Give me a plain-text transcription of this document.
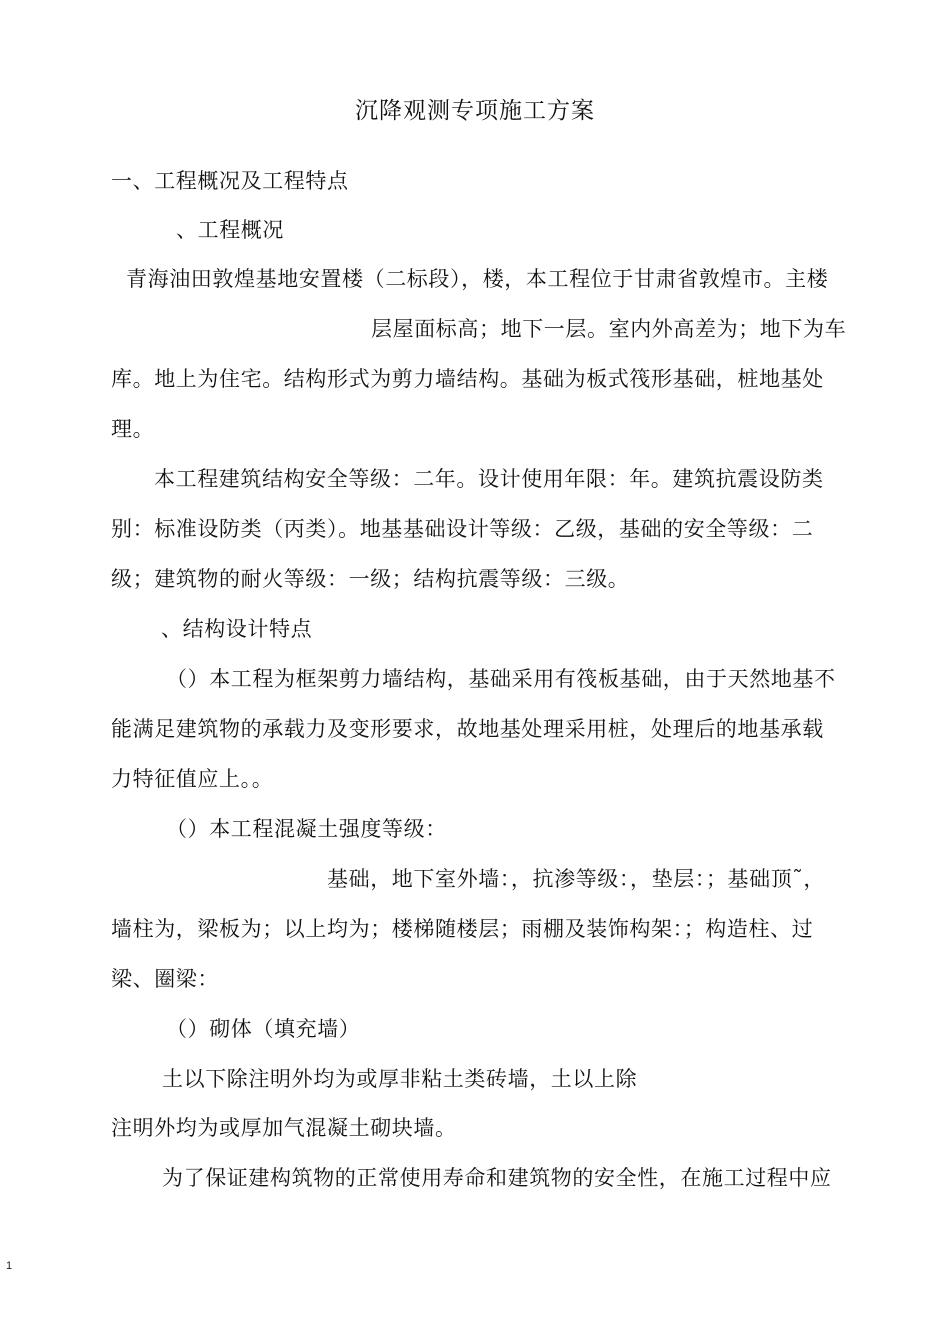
沉降观测专项施工方案
一、工程概况及工程特点
、工程概况
青海油田敦煌基地安置楼（二标段），楼，本工程位于甘肃省敦煌市。主楼
层屋面标高；地下一层。室内外高差为；地下为车
库。地上为住宅。结构形式为剪力墙结构。基础为板式筏形基础，桩地基处
理。
本工程建筑结构安全等级：二年。设计使用年限：年。建筑抗震设防类
别：标准设防类（丙类）。地基基础设计等级：乙级，基础的安全等级：二
级；建筑物的耐火等级：一级；结构抗震等级：三级。
、结构设计特点
（）本工程为框架剪力墙结构，基础采用有筏板基础，由于天然地基不
能满足建筑物的承载力及变形要求，故地基处理采用桩，处理后的地基承载
力特征值应上。。
（）本工程混凝土强度等级：
基础，地下室外墙：，抗渗等级：，垫层：；基础顶˜，
墙柱为，梁板为；以上均为；楼梯随楼层；雨棚及装饰构架：；构造柱、过
梁、圈梁：
（）砌体（填充墙）
土以下除注明外均为或厚非粘土类砖墙，土以上除
注明外均为或厚加气混凝土砌块墙。
为了保证建构筑物的正常使用寿命和建筑物的安全性，在施工过程中应
1
